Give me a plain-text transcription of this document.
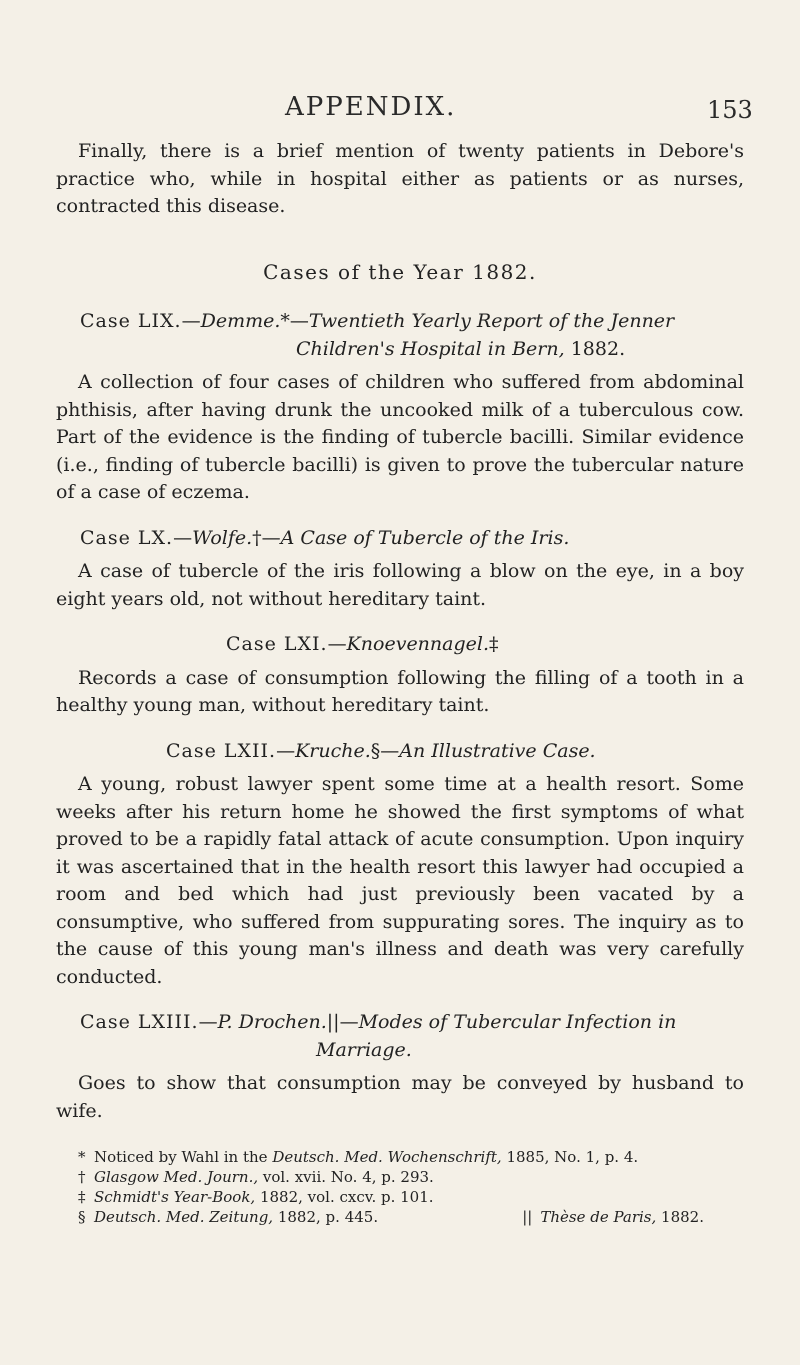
APPENDIX.	153

Finally, there is a brief mention of twenty patients in Debore's practice who, while in hospital either as patients or as nurses, contracted this disease.

Cases of the Year 1882.

Case LIX.—Demme.*—Twentieth Yearly Report of the Jenner
Children's Hospital in Bern, 1882.

A collection of four cases of children who suffered from abdominal phthisis, after having drunk the uncooked milk of a tuberculous cow. Part of the evidence is the finding of tubercle bacilli. Similar evidence (i.e., finding of tubercle bacilli) is given to prove the tubercular nature of a case of eczema.

Case LX.—Wolfe.†—A Case of Tubercle of the Iris.

A case of tubercle of the iris following a blow on the eye, in a boy eight years old, not without hereditary taint.

Case LXI.—Knoevennagel.‡

Records a case of consumption following the filling of a tooth in a healthy young man, without hereditary taint.

Case LXII.—Kruche.§—An Illustrative Case.

A young, robust lawyer spent some time at a health resort. Some weeks after his return home he showed the first symptoms of what proved to be a rapidly fatal attack of acute consumption. Upon inquiry it was ascertained that in the health resort this lawyer had occupied a room and bed which had just previously been vacated by a consumptive, who suffered from suppurating sores. The inquiry as to the cause of this young man's illness and death was very carefully conducted.

Case LXIII.—P. Drochen.||—Modes of Tubercular Infection in
Marriage.

Goes to show that consumption may be conveyed by husband to wife.

* Noticed by Wahl in the Deutsch. Med. Wochenschrift, 1885, No. 1, p. 4.
† Glasgow Med. Journ., vol. xvii. No. 4, p. 293.
‡ Schmidt's Year-Book, 1882, vol. cxcv. p. 101.
§ Deutsch. Med. Zeitung, 1882, p. 445.	|| Thèse de Paris, 1882.
